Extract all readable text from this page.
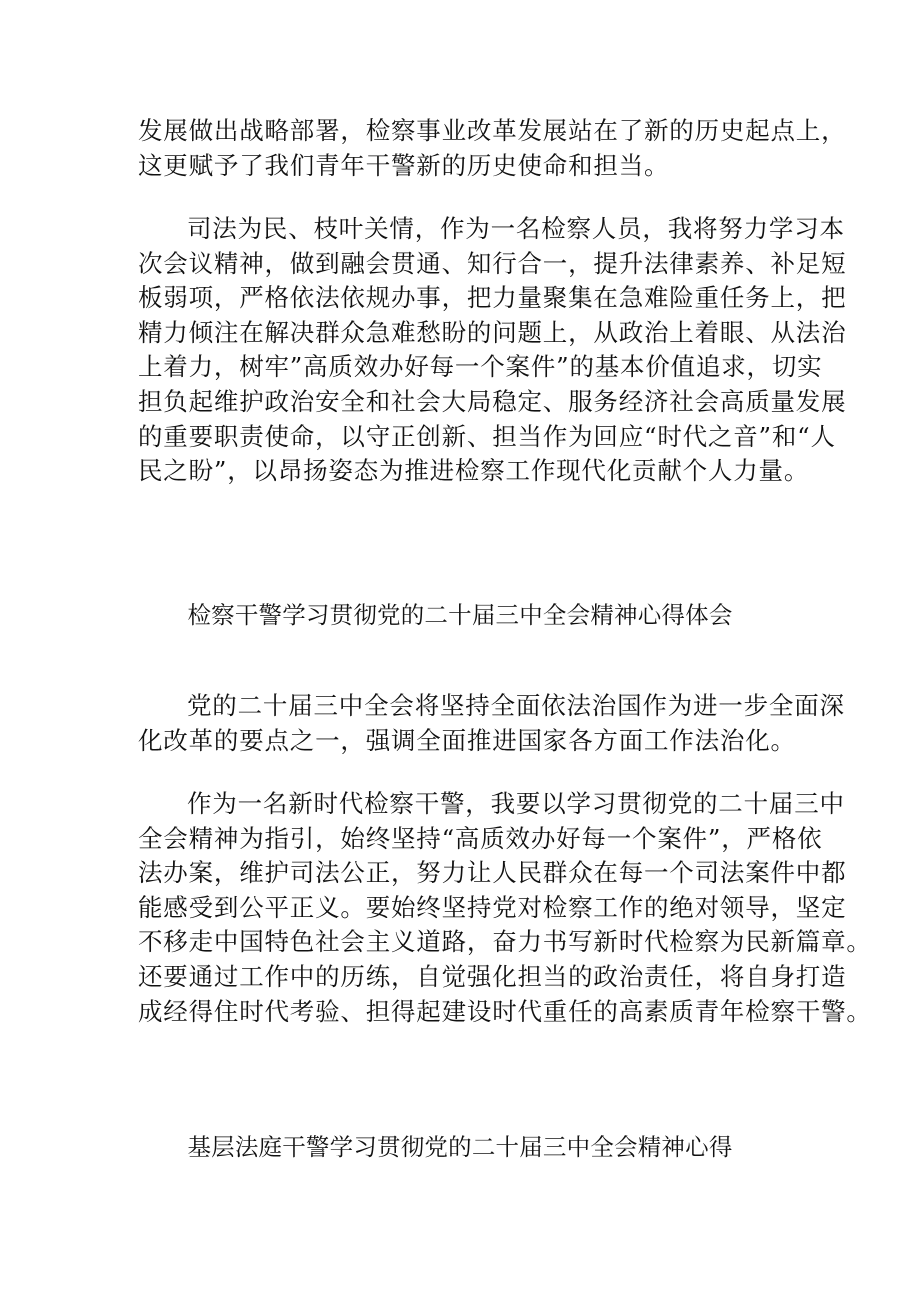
发展做出战略部署，检察事业改革发展站在了新的历史起点上，
这更赋予了我们青年干警新的历史使命和担当。
司法为民、枝叶关情，作为一名检察人员，我将努力学习本
次会议精神，做到融会贯通、知行合一，提升法律素养、补足短
板弱项，严格依法依规办事，把力量聚集在急难险重任务上，把
精力倾注在解决群众急难愁盼的问题上，从政治上着眼、从法治
上着力，树牢”高质效办好每一个案件”的基本价值追求，切实
担负起维护政治安全和社会大局稳定、服务经济社会高质量发展
的重要职责使命，以守正创新、担当作为回应“时代之音”和“人
民之盼”，以昂扬姿态为推进检察工作现代化贡献个人力量。
检察干警学习贯彻党的二十届三中全会精神心得体会
党的二十届三中全会将坚持全面依法治国作为进一步全面深
化改革的要点之一，强调全面推进国家各方面工作法治化。
作为一名新时代检察干警，我要以学习贯彻党的二十届三中
全会精神为指引，始终坚持“高质效办好每一个案件”，严格依
法办案，维护司法公正，努力让人民群众在每一个司法案件中都
能感受到公平正义。要始终坚持党对检察工作的绝对领导，坚定
不移走中国特色社会主义道路，奋力书写新时代检察为民新篇章。
还要通过工作中的历练，自觉强化担当的政治责任，将自身打造
成经得住时代考验、担得起建设时代重任的高素质青年检察干警。
基层法庭干警学习贯彻党的二十届三中全会精神心得
